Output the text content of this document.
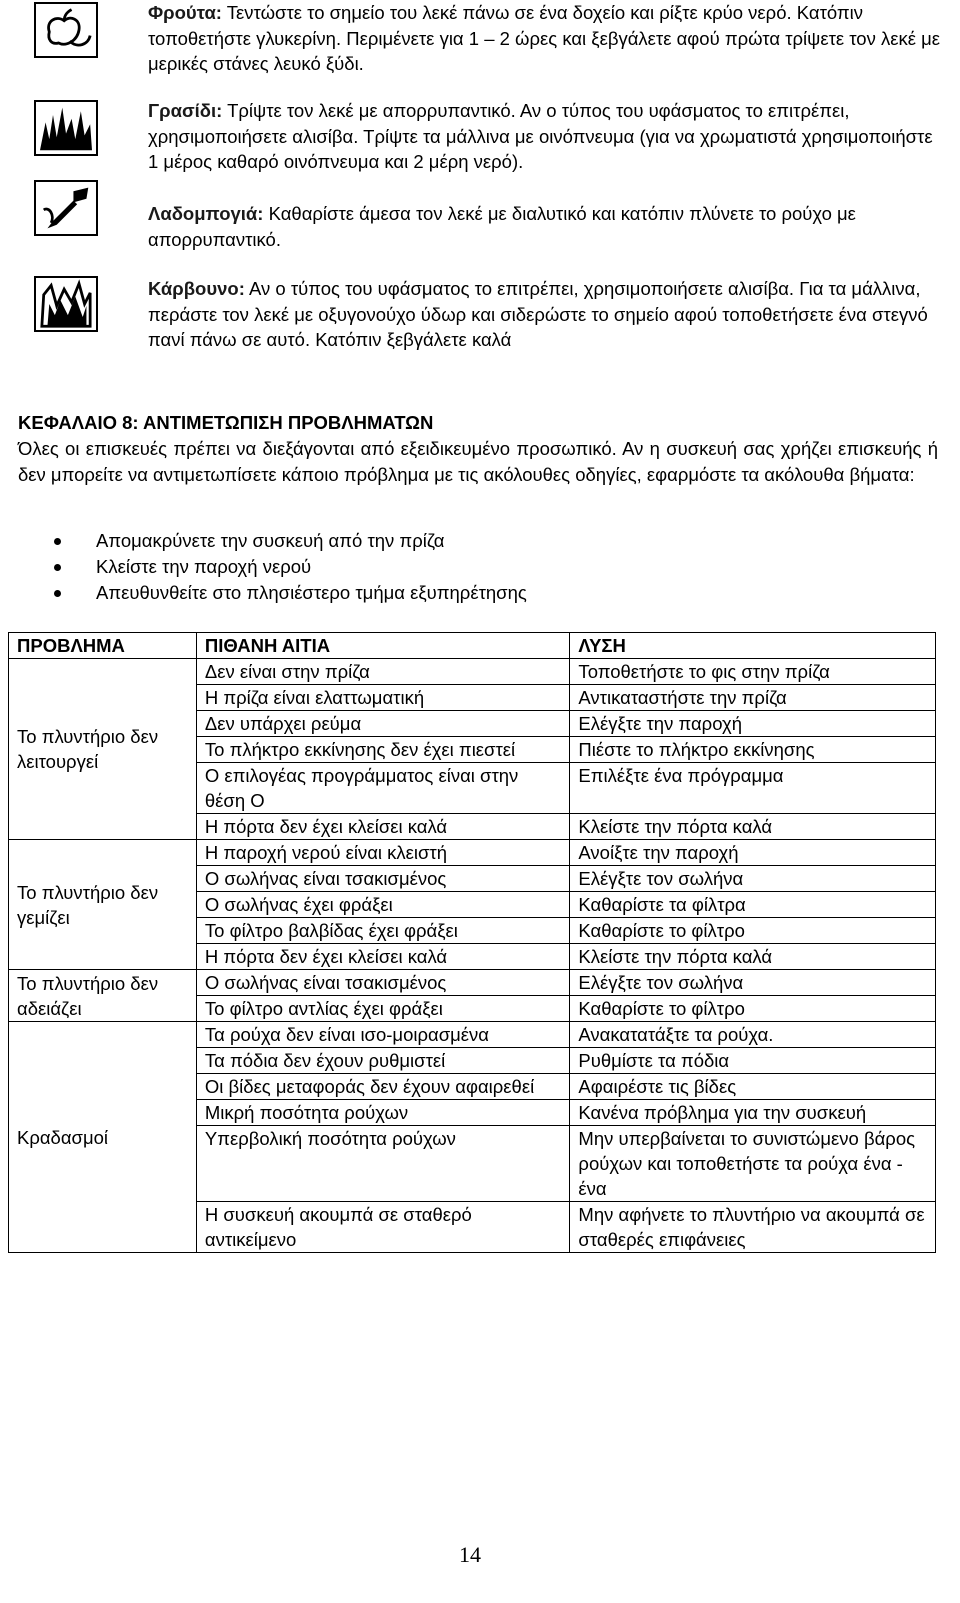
Φρούτα: Τεντώστε το σημείο του λεκέ πάνω σε ένα δοχείο και ρίξτε κρύο νερό. Κατόπιν τοποθετήστε γλυκερίνη. Περιμένετε για 1 – 2 ώρες και ξεβγάλετε αφού πρώτα τρίψετε τον λεκέ με μερικές στάνες λευκό ξύδι.
Γρασίδι: Τρίψτε τον λεκέ με απορρυπαντικό. Αν ο τύπος του υφάσματος το επιτρέπει, χρησιμοποιήσετε αλισίβα. Τρίψτε τα μάλλινα με οινόπνευμα (για να χρωματιστά χρησιμοποιήστε 1 μέρος καθαρό οινόπνευμα και 2 μέρη νερό).
Λαδομπογιά: Καθαρίστε άμεσα τον λεκέ με διαλυτικό και κατόπιν πλύνετε το ρούχο με απορρυπαντικό.
Κάρβουνο: Αν ο τύπος του υφάσματος το επιτρέπει, χρησιμοποιήσετε αλισίβα. Για τα μάλλινα, περάστε τον λεκέ με οξυγονούχο ύδωρ και σιδερώστε το σημείο αφού τοποθετήσετε ένα στεγνό πανί πάνω σε αυτό. Κατόπιν ξεβγάλετε καλά
ΚΕΦΑΛΑΙΟ 8: ΑΝΤΙΜΕΤΩΠΙΣΗ ΠΡΟΒΛΗΜΑΤΩΝ

Όλες οι επισκευές πρέπει να διεξάγονται από εξειδικευμένο προσωπικό. Αν η συσκευή σας χρήζει επισκευής ή δεν μπορείτε να αντιμετωπίσετε κάποιο πρόβλημα με τις ακόλουθες οδηγίες, εφαρμόστε τα ακόλουθα βήματα:

Απομακρύνετε την συσκευή από την πρίζα
Κλείστε την παροχή νερού
Απευθυνθείτε στο πλησιέστερο τμήμα εξυπηρέτησης
ΠΡΟΒΛΗΜΑ	ΠΙΘΑΝΗ ΑΙΤΙΑ	ΛΥΣΗ
Το πλυντήριο δεν λειτουργεί	Δεν είναι στην πρίζα	Τοποθετήστε το φις στην πρίζα
	Η πρίζα είναι ελαττωματική	Αντικαταστήστε την πρίζα
	Δεν υπάρχει ρεύμα	Ελέγξτε την παροχή
	Το πλήκτρο εκκίνησης δεν έχει πιεστεί	Πιέστε το πλήκτρο εκκίνησης
	Ο επιλογέας προγράμματος είναι στην θέση Ο	Επιλέξτε ένα πρόγραμμα
	Η πόρτα δεν έχει κλείσει καλά	Κλείστε την πόρτα καλά
Το πλυντήριο δεν γεμίζει	Η παροχή νερού είναι κλειστή	Ανοίξτε την παροχή
	Ο σωλήνας είναι τσακισμένος	Ελέγξτε τον σωλήνα
	Ο σωλήνας έχει φράξει	Καθαρίστε τα φίλτρα
	Το φίλτρο βαλβίδας έχει φράξει	Καθαρίστε το φίλτρο
	Η πόρτα δεν έχει κλείσει καλά	Κλείστε την πόρτα καλά
Το πλυντήριο δεν αδειάζει	Ο σωλήνας είναι τσακισμένος	Ελέγξτε τον σωλήνα
	Το φίλτρο αντλίας έχει φράξει	Καθαρίστε το φίλτρο
Κραδασμοί	Τα ρούχα δεν είναι ισο-μοιρασμένα	Ανακατατάξτε τα ρούχα.
	Τα πόδια δεν έχουν ρυθμιστεί	Ρυθμίστε τα πόδια
	Οι βίδες μεταφοράς δεν έχουν αφαιρεθεί	Αφαιρέστε τις βίδες
	Μικρή ποσότητα ρούχων	Κανένα πρόβλημα για την συσκευή
	Υπερβολική ποσότητα ρούχων	Μην υπερβαίνεται το συνιστώμενο βάρος ρούχων και τοποθετήστε τα ρούχα ένα - ένα
	Η συσκευή ακουμπά σε σταθερό αντικείμενο	Μην αφήνετε το πλυντήριο να ακουμπά σε σταθερές επιφάνειες
14
